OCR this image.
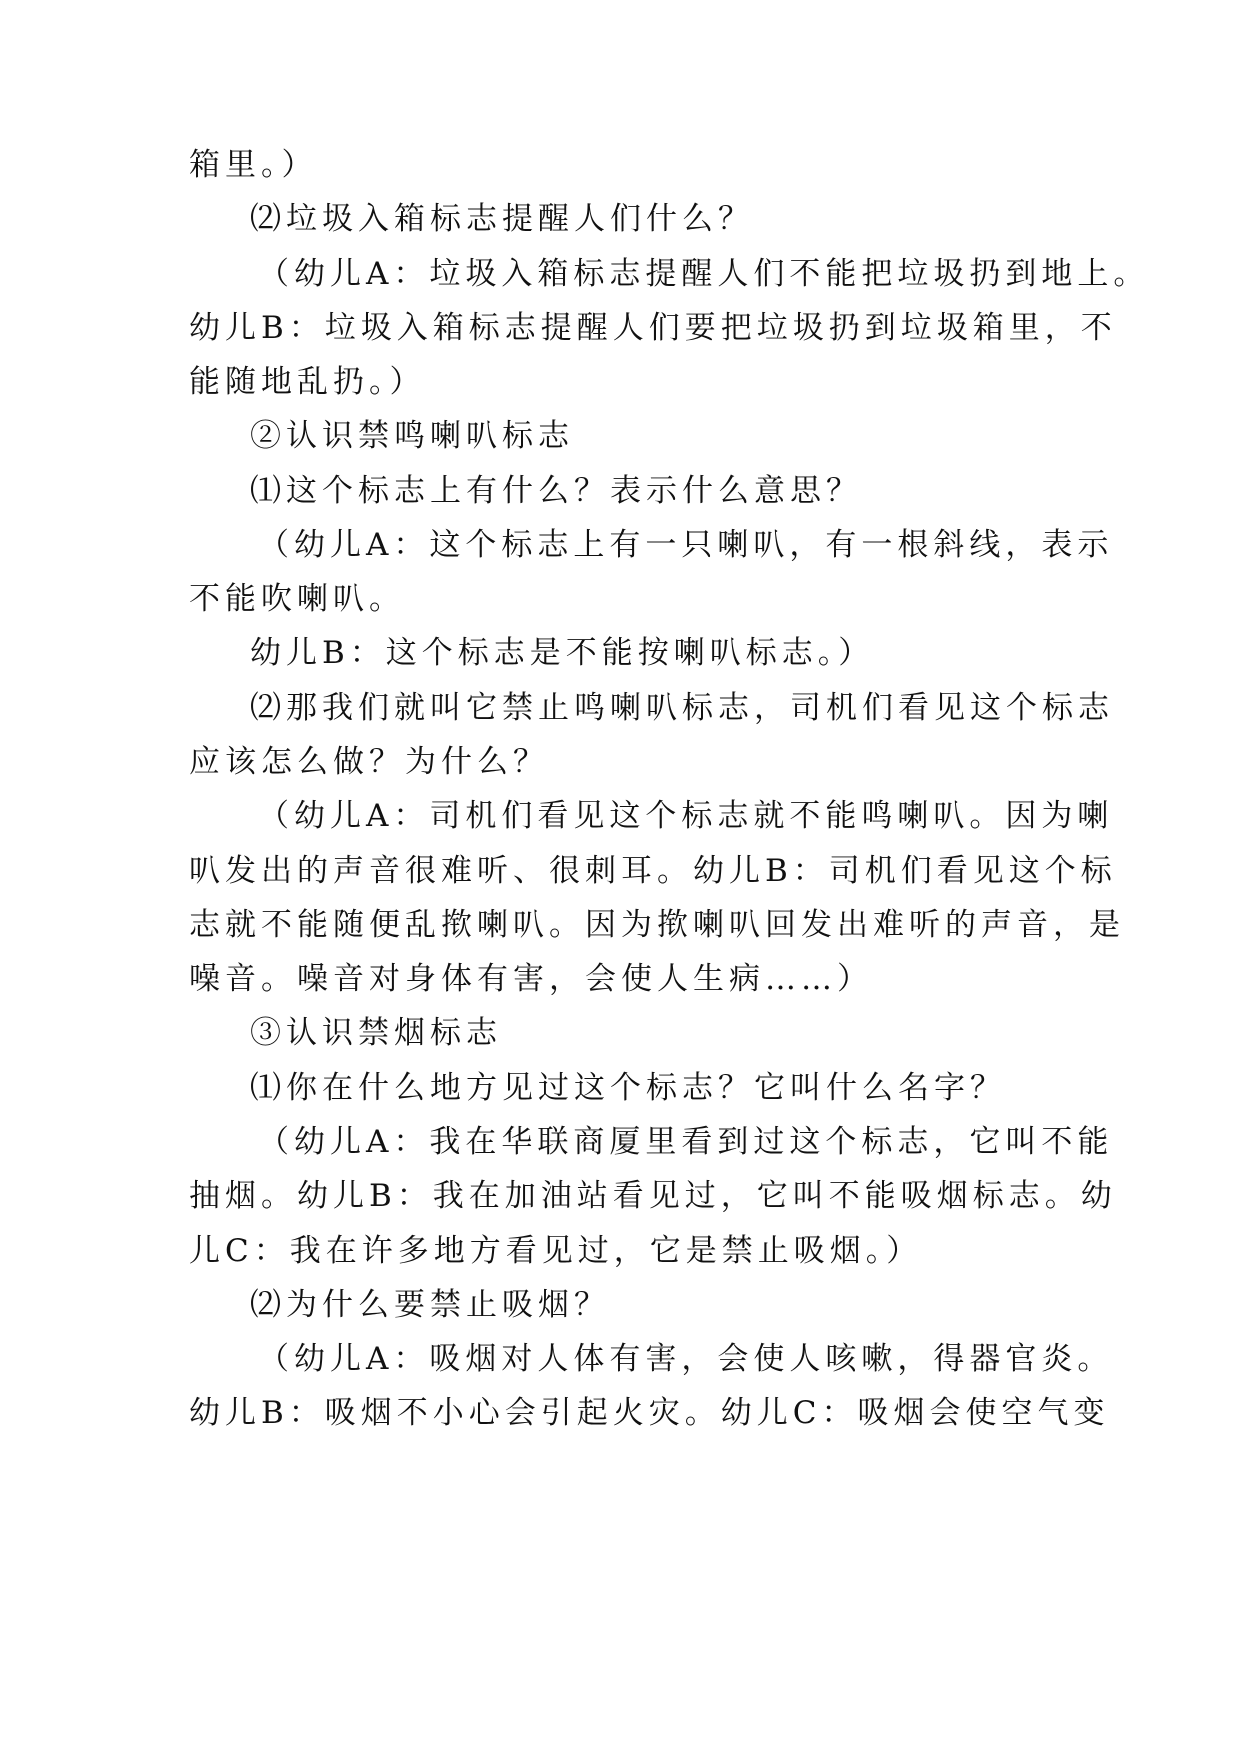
箱里。）
⑵垃圾入箱标志提醒人们什么？
（幼儿A：垃圾入箱标志提醒人们不能把垃圾扔到地上。
幼儿B：垃圾入箱标志提醒人们要把垃圾扔到垃圾箱里，不
能随地乱扔。）
②认识禁鸣喇叭标志
⑴这个标志上有什么？表示什么意思？
（幼儿A：这个标志上有一只喇叭，有一根斜线，表示
不能吹喇叭。
幼儿B：这个标志是不能按喇叭标志。）
⑵那我们就叫它禁止鸣喇叭标志，司机们看见这个标志
应该怎么做？为什么？
（幼儿A：司机们看见这个标志就不能鸣喇叭。因为喇
叭发出的声音很难听、很刺耳。幼儿B：司机们看见这个标
志就不能随便乱揿喇叭。因为揿喇叭回发出难听的声音，是
噪音。噪音对身体有害，会使人生病……）
③认识禁烟标志
⑴你在什么地方见过这个标志？它叫什么名字？
（幼儿A：我在华联商厦里看到过这个标志，它叫不能
抽烟。幼儿B：我在加油站看见过，它叫不能吸烟标志。幼
儿C：我在许多地方看见过，它是禁止吸烟。）
⑵为什么要禁止吸烟？
（幼儿A：吸烟对人体有害，会使人咳嗽，得器官炎。
幼儿B：吸烟不小心会引起火灾。幼儿C：吸烟会使空气变
